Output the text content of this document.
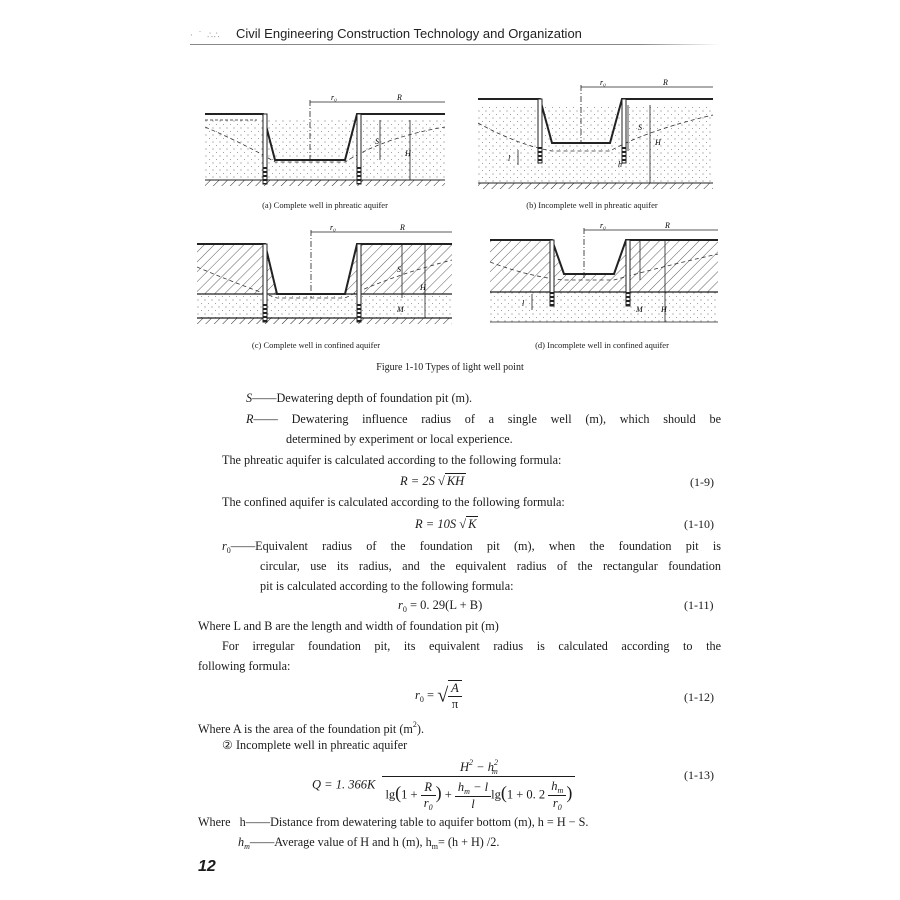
· ˙ ∴∴ Civil Engineering Construction Technology and Organization
r₀	R
S
H
(a) Complete well in phreatic aquifer
r₀	R
l
S
h
H
(b) Incomplete well in phreatic aquifer
r₀	R
S
M
H
(c) Complete well in confined aquifer
r₀	R
l
M H
(d) Incomplete well in confined aquifer
Figure 1-10 Types of light well point
S——Dewatering depth of foundation pit (m).
R—— Dewatering influence radius of a single well (m), which should be
determined by experiment or local experience.
The phreatic aquifer is calculated according to the following formula:
R = 2S √ KH	(1-9)
The confined aquifer is calculated according to the following formula:
R = 10S √ K	(1-10)
$r_0——Equivalent$ radius of the foundation pit (m), when the foundation pit is
circular, use its radius, and the equivalent radius of the rectangular foundation
pit is calculated according to the following formula:
$r_0 = 0$. 29(L + B)	(1-11)
Where L and B are the length and width of foundation pit (m)
For irregular foundation pit, its equivalent radius is calculated according to the
following formula:
$r_0$ = √ $\frac{A}{\pi}$	(1-12)
Where A is the area of the foundation pit $(m^2)$.
② Incomplete well in phreatic aquifer
Q = 1. $366K \frac{H^2 - h^2_m}{\lg(1 + \frac{R}{r_0} ) + \frac{h_m - l}{l} \lg(1 + 0. 2 \frac{h_m}{r_0} )}$	(1-13)
Where h——Distance from dewatering table to aquifer bottom (m), h = H − S.
$h_m——Average$ value of H and h (m), $h_m= (h + H)$ /2.
12
